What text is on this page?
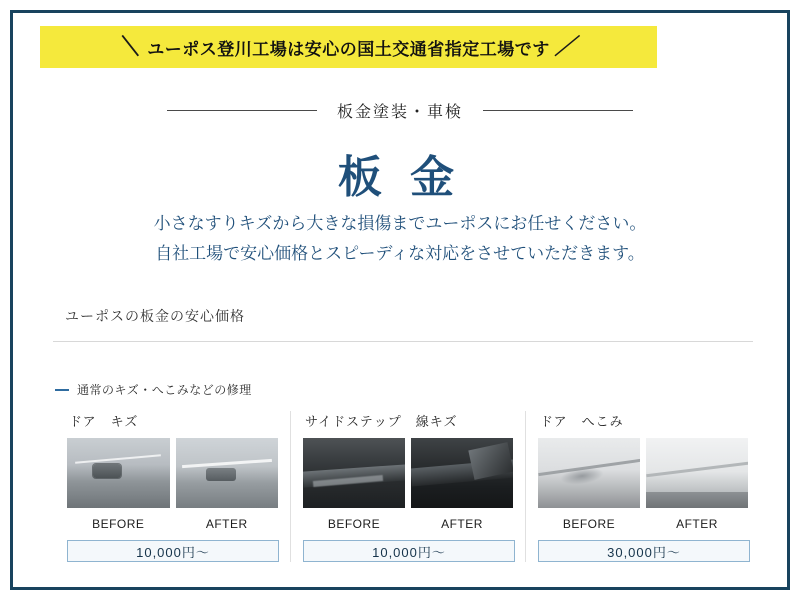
＼ ユーポス登川工場は安心の国土交通省指定工場です ／
板金塗装・車検
板 金
小さなすりキズから大きな損傷までユーポスにお任せください。
自社工場で安心価格とスピーディな対応をさせていただきます。
ユーポスの板金の安心価格
通常のキズ・へこみなどの修理
ドア　キズ
BEFORE	AFTER
10,000円〜
サイドステップ　線キズ
BEFORE	AFTER
10,000円〜
ドア　へこみ
BEFORE	AFTER
30,000円〜
